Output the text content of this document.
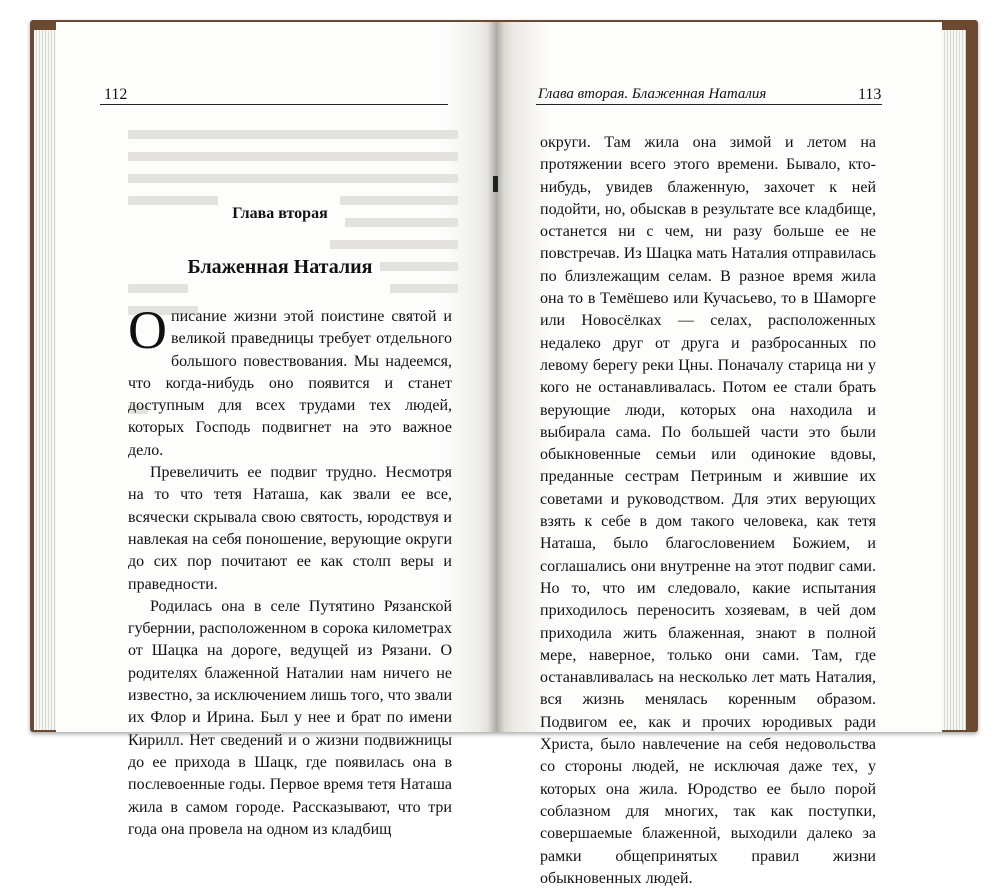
112
Глава вторая
Блаженная Наталия

Описание жизни этой поистине святой и великой праведницы требует отдельного большого повествования. Мы надеемся, что когда-нибудь оно появится и станет доступным для всех трудами тех людей, которых Господь подвигнет на это важное дело.

Превеличить ее подвиг трудно. Несмотря на то что тетя Наташа, как звали ее все, всячески скрывала свою святость, юродствуя и навлекая на себя поношение, верующие округи до сих пор почитают ее как столп веры и праведности.

Родилась она в селе Путятино Рязанской губернии, расположенном в сорока километрах от Шацка на дороге, ведущей из Рязани. О родителях блаженной Наталии нам ничего не известно, за исключением лишь того, что звали их Флор и Ирина. Был у нее и брат по имени Кирилл. Нет сведений и о жизни подвижницы до ее прихода в Шацк, где появилась она в послевоенные годы. Первое время тетя Наташа жила в самом городе. Рассказывают, что три года она провела на одном из кладбищ

Глава вторая. Блаженная Наталия	113

округи. Там жила она зимой и летом на протяжении всего этого времени. Бывало, кто-нибудь, увидев блаженную, захочет к ней подойти, но, обыскав в результате все кладбище, останется ни с чем, ни разу больше ее не повстречав. Из Шацка мать Наталия отправилась по близлежащим селам. В разное время жила она то в Темёшево или Кучасьево, то в Шаморге или Новосёлках — селах, расположенных недалеко друг от друга и разбросанных по левому берегу реки Цны. Поначалу старица ни у кого не останавливалась. Потом ее стали брать верующие люди, которых она находила и выбирала сама. По большей части это были обыкновенные семьи или одинокие вдовы, преданные сестрам Петриным и жившие их советами и руководством. Для этих верующих взять к себе в дом такого человека, как тетя Наташа, было благословением Божием, и соглашались они внутренне на этот подвиг сами. Но то, что им следовало, какие испытания приходилось переносить хозяевам, в чей дом приходила жить блаженная, знают в полной мере, наверное, только они сами. Там, где останавливалась на несколько лет мать Наталия, вся жизнь менялась коренным образом. Подвигом ее, как и прочих юродивых ради Христа, было навлечение на себя недовольства со стороны людей, не исключая даже тех, у которых она жила. Юродство ее было порой соблазном для многих, так как поступки, совершаемые блаженной, выходили далеко за рамки общепринятых правил жизни обыкновенных людей.
